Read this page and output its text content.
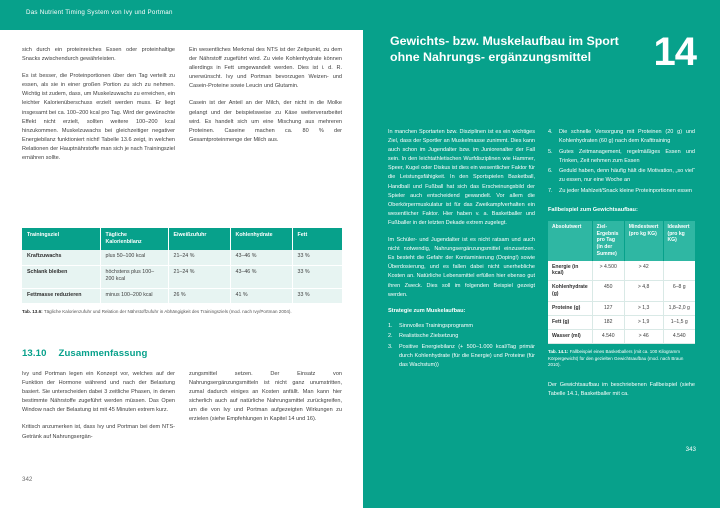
Das Nutrient Timing System von Ivy und Portman

sich durch ein proteinreiches Essen oder proteinhaltige Snacks zwischendurch gewährleisten.

Es ist besser, die Proteinportionen über den Tag verteilt zu essen, als sie in einer großen Portion zu sich zu nehmen. Wichtig ist zudem, dass, um Muskelzuwachs zu erreichen, ein leichter Kalorienüberschuss erzielt werden muss. Er liegt insgesamt bei ca. 100–200 kcal pro Tag. Wird der gewünschte Effekt nicht erzielt, sollten weitere 100–200 kcal hinzukommen. Muskelzuwachs bei gleichzeitiger negativer Energiebilanz funktioniert nicht! Tabelle 13.6 zeigt, in welchen Relationen der Hauptnährstoffe man sich je nach Trainingsziel ernähren sollte.

Ein wesentliches Merkmal des NTS ist der Zeitpunkt, zu dem der Nährstoff zugeführt wird. Zu viele Kohlenhydrate können allerdings in Fett umgewandelt werden. Dies ist i. d. R. unerwünscht. Ivy und Portman bevorzugen Weizen- und Casein-Proteine sowie Leucin und Glutamin.

Casein ist der Anteil an der Milch, der nicht in die Molke gelangt und der beispielsweise zu Käse weiterverarbeitet wird. Es handelt sich um eine Mischung aus mehreren Proteinen. Caseine machen ca. 80 % der Gesamtproteinmenge der Milch aus.

Trainingsziel	Tägliche Kalorienbilanz	Eiweißzufuhr	Kohlenhydrate	Fett
Kraftzuwachs	plus 50–100 kcal	21–24 %	43–46 %	33 %
Schlank bleiben	höchstens plus 100–200 kcal	21–24 %	43–46 %	33 %
Fettmasse reduzieren	minus 100–200 kcal	26 %	41 %	33 %
Tab. 13.6: Tägliche Kalorienzufuhr und Relation der Nährstoffzufuhr in Abhängigkeit des Trainingsziels (mod. nach Ivy/Portman 2004).
13.10 Zusammenfassung

Ivy und Portman legen ein Konzept vor, welches auf der Funktion der Hormone während und nach der Belastung basiert. Sie unterscheiden dabei 3 zeitliche Phasen, in denen bestimmte Nährstoffe zugeführt werden müssen. Das Open Window nach der Belastung ist mit 45 Minuten extrem kurz.

Kritisch anzumerken ist, dass Ivy und Portman bei dem NTS-Getränk auf Nahrungsergän-

zungsmittel setzen. Der Einsatz von Nahrungsergänzungsmitteln ist nicht ganz unumstritten, zumal dadurch einiges an Kosten anfällt. Man kann hier sicherlich auch auf natürliche Nahrungsmittel zurückgreifen, um die von Ivy und Portman aufgezeigten Wirkungen zu erzielen (siehe Empfehlungen in Kapitel 14 und 16).

342
Gewichts- bzw. Muskelaufbau im Sport ohne Nahrungs- ergänzungsmittel	14

In manchen Sportarten bzw. Disziplinen ist es ein wichtiges Ziel, dass der Sportler an Muskelmasse zunimmt. Dies kann auch schon im Jugendalter bzw. im Juniorenalter der Fall sein. In den leichtathletischen Wurfdisziplinen wie Hammer, Speer, Kugel oder Diskus ist dies ein wesentlicher Faktor für die Leistungsfähigkeit. In den Sportspielen Basketball, Handball und Fußball hat sich das Erscheinungsbild der Spieler auch entscheidend gewandelt. Vor allem die Oberkörpermuskulatur ist für das Zweikampfverhalten ein wesentlicher Faktor. Hier haben v. a. Basketballer und Fußballer in der letzten Dekade extrem zugelegt.

Im Schüler- und Jugendalter ist es nicht ratsam und auch nicht notwendig, Nahrungsergänzungsmittel einzusetzen. Es besteht die Gefahr der Kontaminierung (Doping!) sowie Überdosierung, und es fallen dabei nicht unerhebliche Kosten an. Natürliche Lebensmittel erfüllen hier ebenso gut ihren Zweck. Dies soll im folgenden Beispiel gezeigt werden.

Strategie zum Muskelaufbau:
1. Sinnvolles Trainingsprogramm
2. Realistische Zielsetzung
3. Positive Energiebilanz (+ 500–1.000 kcal/Tag primär durch Kohlenhydrate (für die Energie) und Proteine (für das Wachstum))
4. Die schnelle Versorgung mit Proteinen (20 g) und Kohlenhydraten (60 g) nach dem Krafttraining
5. Gutes Zeitmanagement, regelmäßiges Essen und Trinken, Zeit nehmen zum Essen
6. Geduld haben, denn häufig hält die Motivation, „so viel“ zu essen, nur eine Woche an
7. Zu jeder Mahlzeit/Snack kleine Proteinportionen essen
Fallbeispiel zum Gewichtsaufbau:
Absolutwert	Ziel-Ergebnis pro Tag (in der Summe)	Mindestwert (pro kg KG)	Idealwert (pro kg KG)
Energie (in kcal)	> 4.500	> 42	
Kohlenhydrate (g)	450	> 4,8	6–8 g
Proteine (g)	127	> 1,3	1,8–2,0 g
Fett (g)	182	> 1,9	1–1,5 g
Wasser (ml)	4.540	> 46	4.540
Tab. 14.1: Fallbeispiel eines Basketballers (mit ca. 100 Kilogramm Körpergewicht) für den gezielten Gewichtsaufbau (mod. nach Braun 2010).

Der Gewichtsaufbau im beschriebenen Fallbeispiel (siehe Tabelle 14.1, Basketballer mit ca.

343
